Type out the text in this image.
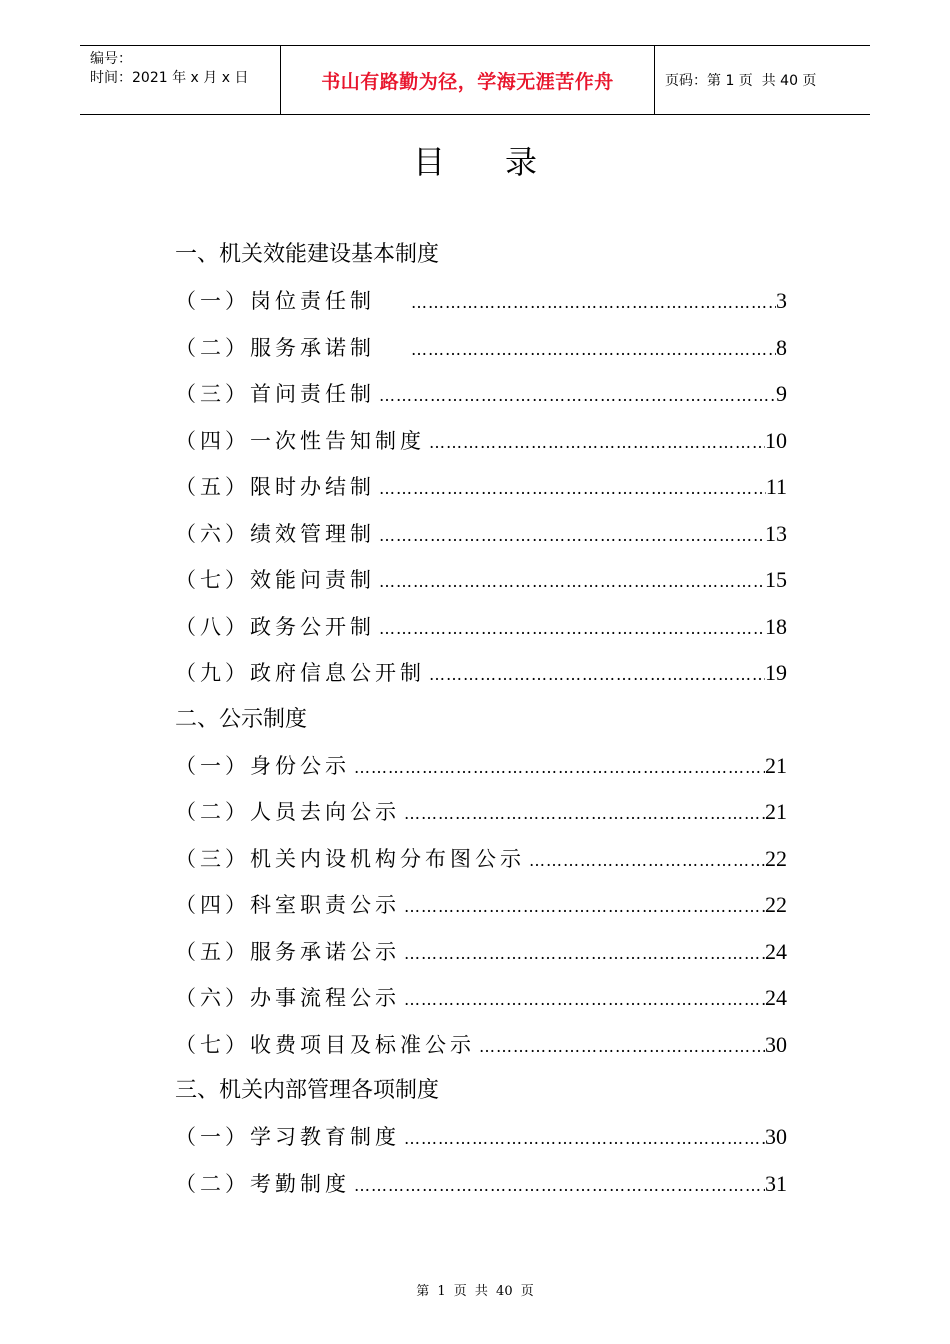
编号：
时间：2021 年 x 月 x 日	书山有路勤为径，学海无涯苦作舟	页码：第 1 页  共 40 页
目录
一、机关效能建设基本制度
（一）岗位责任制 …………………………………………………………………………………………………………………………………………	3
（二）服务承诺制 …………………………………………………………………………………………………………………………………………	8
（三）首问责任制 …………………………………………………………………………………………………………………………………………	9
（四）一次性告知制度 …………………………………………………………………………………………………………………………………………	10
（五）限时办结制 …………………………………………………………………………………………………………………………………………	11
（六）绩效管理制 …………………………………………………………………………………………………………………………………………	13
（七）效能问责制 …………………………………………………………………………………………………………………………………………	15
（八）政务公开制 …………………………………………………………………………………………………………………………………………	18
（九）政府信息公开制 …………………………………………………………………………………………………………………………………………	19
二、公示制度
（一）身份公示 …………………………………………………………………………………………………………………………………………	21
（二）人员去向公示 …………………………………………………………………………………………………………………………………………	21
（三）机关内设机构分布图公示 …………………………………………………………………………………………………………………………………………	22
（四）科室职责公示 …………………………………………………………………………………………………………………………………………	22
（五）服务承诺公示 …………………………………………………………………………………………………………………………………………	24
（六）办事流程公示 …………………………………………………………………………………………………………………………………………	24
（七）收费项目及标准公示 …………………………………………………………………………………………………………………………………………	30
三、机关内部管理各项制度
（一）学习教育制度 …………………………………………………………………………………………………………………………………………	30
（二）考勤制度 …………………………………………………………………………………………………………………………………………	31
第 1 页 共 40 页
